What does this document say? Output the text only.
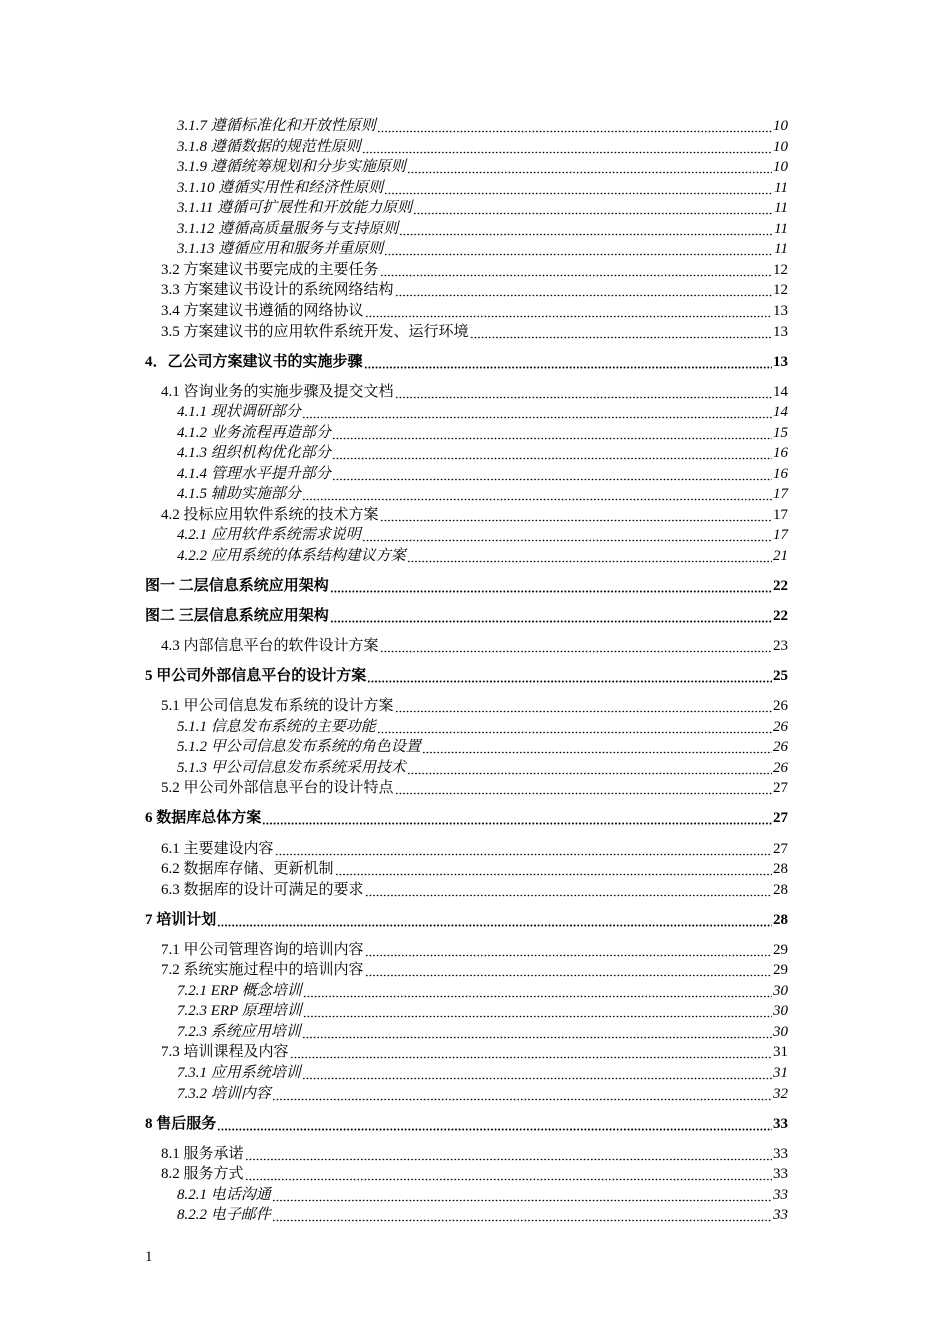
3.1.7 遵循标准化和开放性原则	10
3.1.8 遵循数据的规范性原则	10
3.1.9 遵循统筹规划和分步实施原则	10
3.1.10 遵循实用性和经济性原则	11
3.1.11 遵循可扩展性和开放能力原则	11
3.1.12 遵循高质量服务与支持原则	11
3.1.13 遵循应用和服务并重原则	11
3.2 方案建议书要完成的主要任务	12
3.3 方案建议书设计的系统网络结构	12
3.4 方案建议书遵循的网络协议	13
3.5 方案建议书的应用软件系统开发、运行环境	13
4．乙公司方案建议书的实施步骤	13
4.1 咨询业务的实施步骤及提交文档	14
4.1.1 现状调研部分	14
4.1.2 业务流程再造部分	15
4.1.3 组织机构优化部分	16
4.1.4 管理水平提升部分	16
4.1.5 辅助实施部分	17
4.2 投标应用软件系统的技术方案	17
4.2.1 应用软件系统需求说明	17
4.2.2 应用系统的体系结构建议方案	21
图一 二层信息系统应用架构	22
图二 三层信息系统应用架构	22
4.3 内部信息平台的软件设计方案	23
5 甲公司外部信息平台的设计方案	25
5.1 甲公司信息发布系统的设计方案	26
5.1.1 信息发布系统的主要功能	26
5.1.2 甲公司信息发布系统的角色设置	26
5.1.3 甲公司信息发布系统采用技术	26
5.2 甲公司外部信息平台的设计特点	27
6 数据库总体方案	27
6.1 主要建设内容	27
6.2 数据库存储、更新机制	28
6.3 数据库的设计可满足的要求	28
7 培训计划	28
7.1 甲公司管理咨询的培训内容	29
7.2 系统实施过程中的培训内容	29
7.2.1 ERP 概念培训	30
7.2.3 ERP 原理培训	30
7.2.3 系统应用培训	30
7.3 培训课程及内容	31
7.3.1 应用系统培训	31
7.3.2 培训内容	32
8 售后服务	33
8.1 服务承诺	33
8.2 服务方式	33
8.2.1 电话沟通	33
8.2.2 电子邮件	33
1
